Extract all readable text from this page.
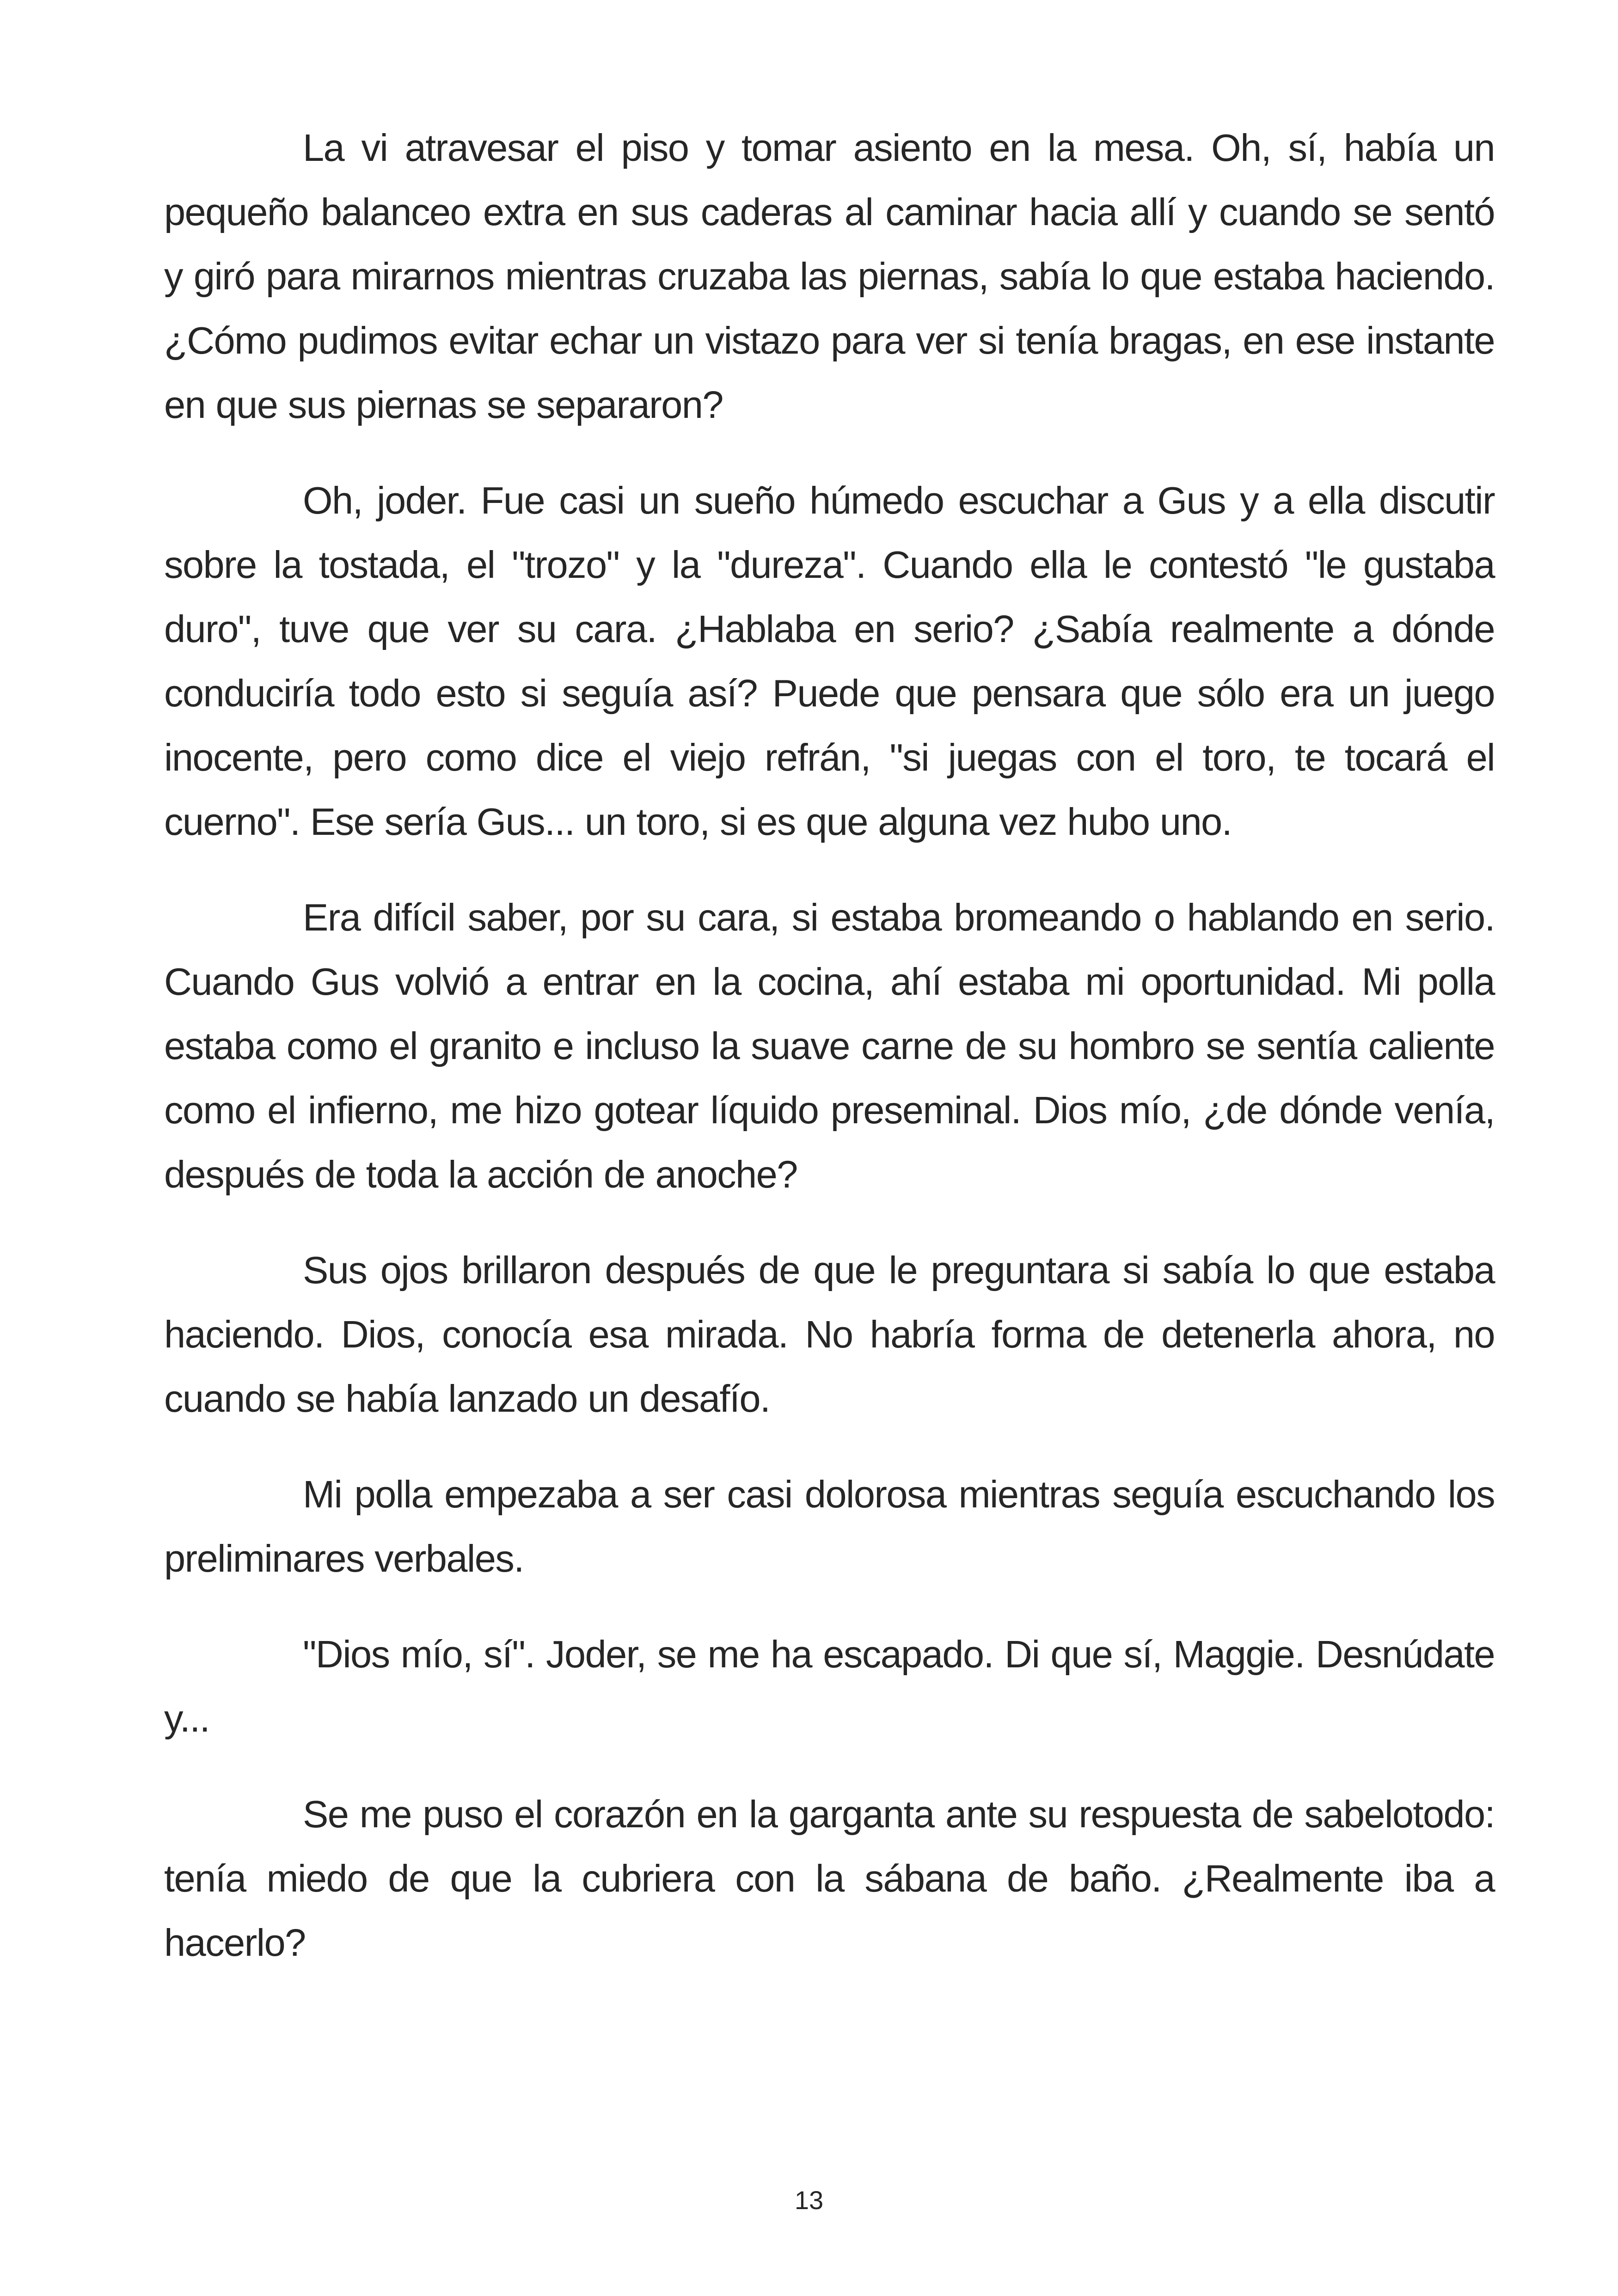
La vi atravesar el piso y tomar asiento en la mesa. Oh, sí, había un pequeño balanceo extra en sus caderas al caminar hacia allí y cuando se sentó y giró para mirarnos mientras cruzaba las piernas, sabía lo que estaba haciendo. ¿Cómo pudimos evitar echar un vistazo para ver si tenía bragas, en ese instante en que sus piernas se separaron?

Oh, joder. Fue casi un sueño húmedo escuchar a Gus y a ella discutir sobre la tostada, el "trozo" y la "dureza". Cuando ella le contestó "le gustaba duro", tuve que ver su cara. ¿Hablaba en serio? ¿Sabía realmente a dónde conduciría todo esto si seguía así? Puede que pensara que sólo era un juego inocente, pero como dice el viejo refrán, "si juegas con el toro, te tocará el cuerno". Ese sería Gus... un toro, si es que alguna vez hubo uno.

Era difícil saber, por su cara, si estaba bromeando o hablando en serio. Cuando Gus volvió a entrar en la cocina, ahí estaba mi oportunidad. Mi polla estaba como el granito e incluso la suave carne de su hombro se sentía caliente como el infierno, me hizo gotear líquido preseminal. Dios mío, ¿de dónde venía, después de toda la acción de anoche?

Sus ojos brillaron después de que le preguntara si sabía lo que estaba haciendo. Dios, conocía esa mirada. No habría forma de detenerla ahora, no cuando se había lanzado un desafío.

Mi polla empezaba a ser casi dolorosa mientras seguía escuchando los preliminares verbales.

"Dios mío, sí". Joder, se me ha escapado. Di que sí, Maggie. Desnúdate y...

Se me puso el corazón en la garganta ante su respuesta de sabelotodo: tenía miedo de que la cubriera con la sábana de baño. ¿Realmente iba a hacerlo?

13
